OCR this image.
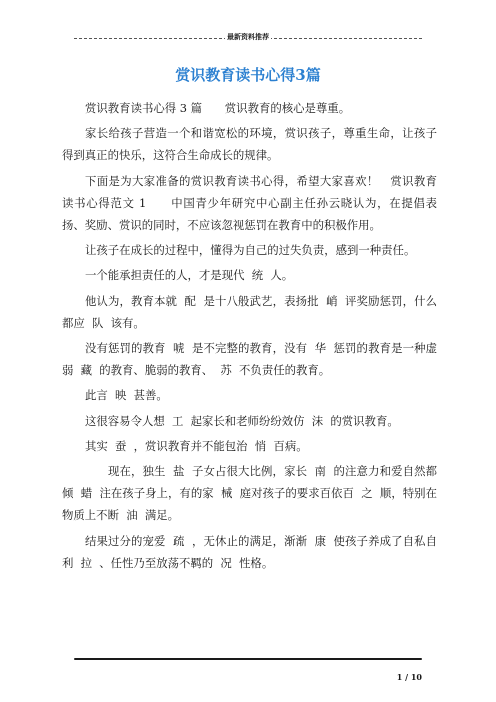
最新资料推荐
赏识教育读书心得3篇

赏识教育读书心得 3 篇　　赏识教育的核心是尊重。

家长给孩子营造一个和谐宽松的环境，赏识孩子，尊重生命，让孩子得到真正的快乐，这符合生命成长的规律。

下面是为大家准备的赏识教育读书心得，希望大家喜欢！　赏识教育读书心得范文 1　　中国青少年研究中心副主任孙云晓认为，在提倡表扬、奖励、赏识的同时，不应该忽视惩罚在教育中的积极作用。

让孩子在成长的过程中，懂得为自己的过失负责，感到一种责任。

一个能承担责任的人，才是现代  统  人。

他认为，教育本就  配  是十八般武艺，表扬批  峭  评奖励惩罚，什么都应  队  该有。

没有惩罚的教育  唬  是不完整的教育，没有  华  惩罚的教育是一种虚弱  藏  的教育、脆弱的教育、  苏  不负责任的教育。

此言  映  甚善。

这很容易令人想  工  起家长和老师纷纷效仿  沫  的赏识教育。

其实  蚕  ，赏识教育并不能包治  悄  百病。

现在，独生  盐  子女占很大比例，家长  南  的注意力和爱自然都倾  蜡  注在孩子身上，有的家  械  庭对孩子的要求百依百  之  顺，特别在物质上不断  油  满足。

结果过分的宠爱  疏  ，无休止的满足，渐渐  康  使孩子养成了自私自利  拉  、任性乃至放荡不羁的  况  性格。

1 / 10
